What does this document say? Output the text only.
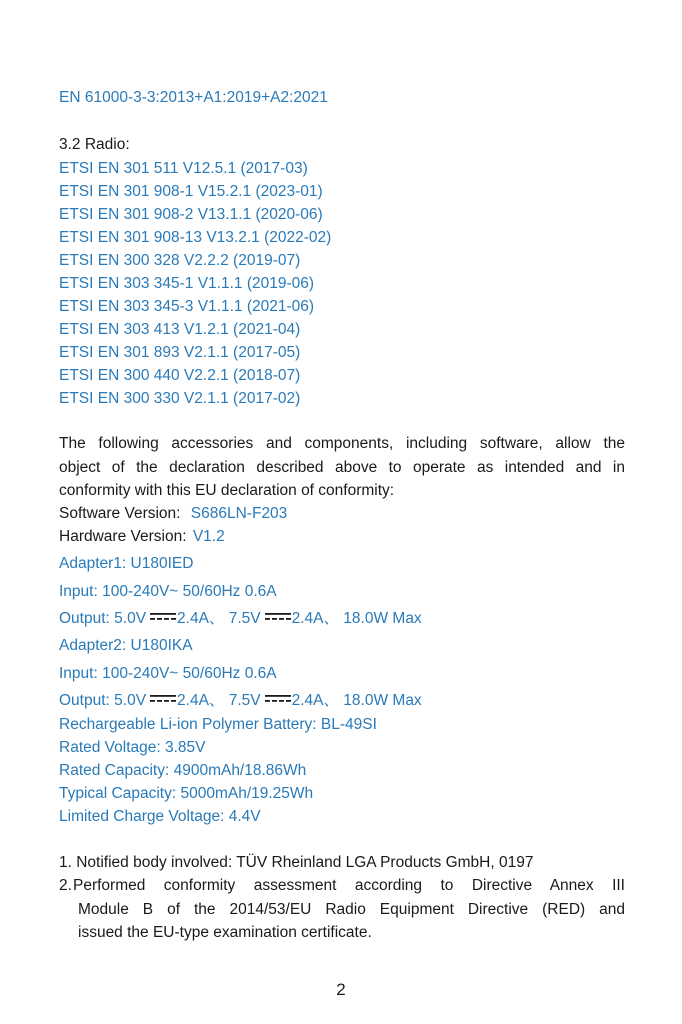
EN 61000-3-3:2013+A1:2019+A2:2021
3.2 Radio:
ETSI EN 301 511 V12.5.1 (2017-03)
ETSI EN 301 908-1 V15.2.1 (2023-01)
ETSI EN 301 908-2 V13.1.1 (2020-06)
ETSI EN 301 908-13 V13.2.1 (2022-02)
ETSI EN 300 328 V2.2.2 (2019-07)
ETSI EN 303 345-1 V1.1.1 (2019-06)
ETSI EN 303 345-3 V1.1.1 (2021-06)
ETSI EN 303 413 V1.2.1 (2021-04)
ETSI EN 301 893 V2.1.1 (2017-05)
ETSI EN 300 440 V2.2.1 (2018-07)
ETSI EN 300 330 V2.1.1 (2017-02)
The following accessories and components, including software, allow the
object of the declaration described above to operate as intended and in
conformity with this EU declaration of conformity:
Software Version: S686LN-F203
Hardware Version: V1.2
Adapter1: U180IED
Input: 100-240V~ 50/60Hz 0.6A
Output: 5.0V 2.4A、 7.5V 2.4A、 18.0W Max
Adapter2: U180IKA
Input: 100-240V~ 50/60Hz 0.6A
Output: 5.0V 2.4A、 7.5V 2.4A、 18.0W Max
Rechargeable Li-ion Polymer Battery: BL-49SI
Rated Voltage: 3.85V
Rated Capacity: 4900mAh/18.86Wh
Typical Capacity: 5000mAh/19.25Wh
Limited Charge Voltage: 4.4V
1. Notified body involved: TÜV Rheinland LGA Products GmbH, 0197
2. Performed conformity assessment according to Directive Annex III
Module B of the 2014/53/EU Radio Equipment Directive (RED) and
issued the EU-type examination certificate.
2
